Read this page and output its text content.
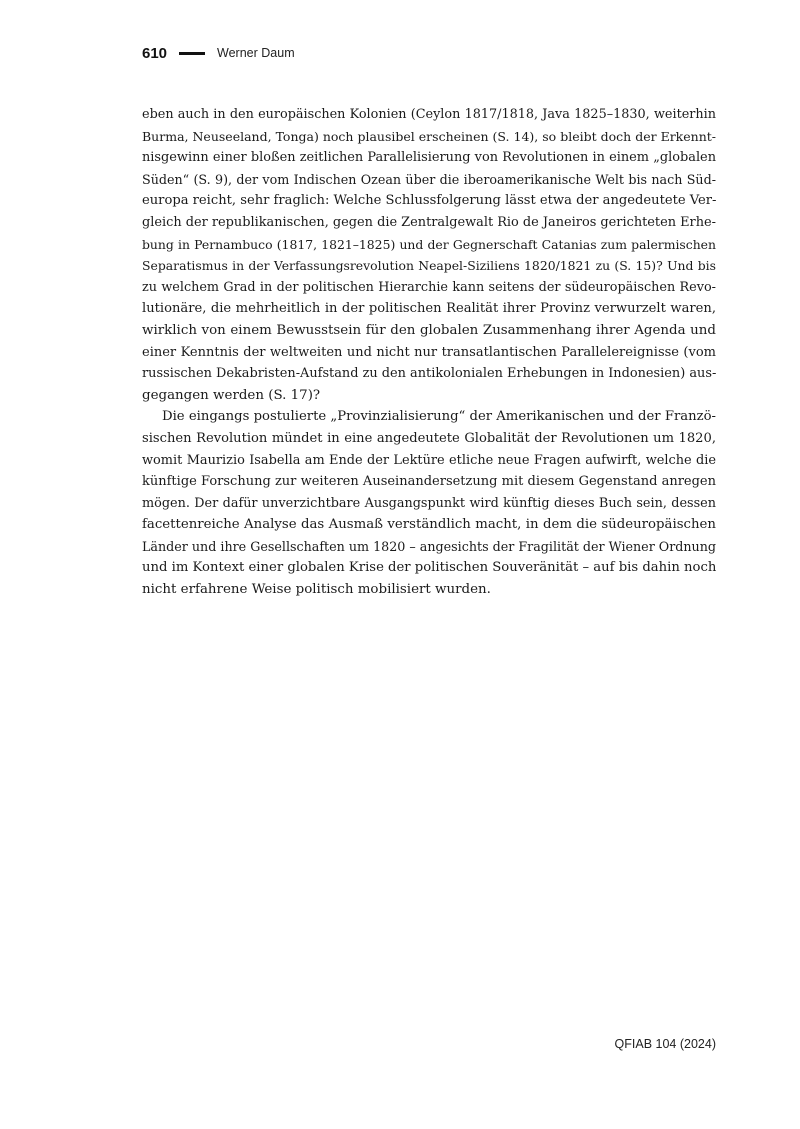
610	Werner Daum
eben auch in den europäischen Kolonien (Ceylon 1817/1818, Java 1825–1830, weiterhin
Burma, Neuseeland, Tonga) noch plausibel erscheinen (S. 14), so bleibt doch der Erkennt-
nisgewinn einer bloßen zeitlichen Parallelisierung von Revolutionen in einem „globalen
Süden“ (S. 9), der vom Indischen Ozean über die iberoamerikanische Welt bis nach Süd-
europa reicht, sehr fraglich: Welche Schlussfolgerung lässt etwa der angedeutete Ver-
gleich der republikanischen, gegen die Zentralgewalt Rio de Janeiros gerichteten Erhe-
bung in Pernambuco (1817, 1821–1825) und der Gegnerschaft Catanias zum palermischen
Separatismus in der Verfassungsrevolution Neapel-Siziliens 1820/1821 zu (S. 15)? Und bis
zu welchem Grad in der politischen Hierarchie kann seitens der südeuropäischen Revo-
lutionäre, die mehrheitlich in der politischen Realität ihrer Provinz verwurzelt waren,
wirklich von einem Bewusstsein für den globalen Zusammenhang ihrer Agenda und
einer Kenntnis der weltweiten und nicht nur transatlantischen Parallelereignisse (vom
russischen Dekabristen-Aufstand zu den antikolonialen Erhebungen in Indonesien) aus-
gegangen werden (S. 17)?
Die eingangs postulierte „Provinzialisierung“ der Amerikanischen und der Franzö-
sischen Revolution mündet in eine angedeutete Globalität der Revolutionen um 1820,
womit Maurizio Isabella am Ende der Lektüre etliche neue Fragen aufwirft, welche die
künftige Forschung zur weiteren Auseinandersetzung mit diesem Gegenstand anregen
mögen. Der dafür unverzichtbare Ausgangspunkt wird künftig dieses Buch sein, dessen
facettenreiche Analyse das Ausmaß verständlich macht, in dem die südeuropäischen
Länder und ihre Gesellschaften um 1820 – angesichts der Fragilität der Wiener Ordnung
und im Kontext einer globalen Krise der politischen Souveränität – auf bis dahin noch
nicht erfahrene Weise politisch mobilisiert wurden.
QFIAB 104 (2024)
